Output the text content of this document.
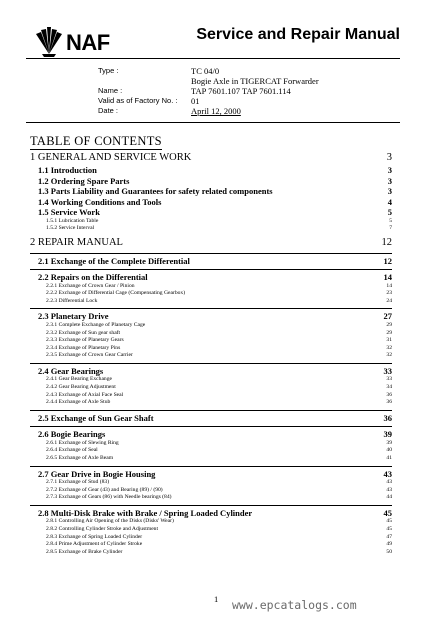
NAF	Service and Repair Manual
Type :	TC 04/0
Bogie Axle in TIGERCAT Forwarder
Name :	TAP 7601.107 TAP 7601.114
Valid as of Factory No. :	01
Date :	April 12, 2000
TABLE OF CONTENTS
1 GENERAL AND SERVICE WORK	3
1.1 Introduction	3
1.2 Ordering Spare Parts	3
1.3 Parts Liability and Guarantees for safety related components	3
1.4 Working Conditions and Tools	4
1.5 Service Work	5
1.5.1 Lubrication Table	5
1.5.2 Service Interval	7
2 REPAIR MANUAL	12
2.1 Exchange of the Complete Differential	12
2.2 Repairs on the Differential	14
2.2.1 Exchange of Crown Gear / Pinion	14
2.2.2 Exchange of Differential Cage (Compensating Gearbox)	23
2.2.3 Differential Lock	24
2.3 Planetary Drive	27
2.3.1 Complete Exchange of Planetary Cage	29
2.3.2 Exchange of Sun gear shaft	29
2.3.3 Exchange of Planetary Gears	31
2.3.4 Exchange of Planetary Pins	32
2.3.5 Exchange of Crown Gear Carrier	32
2.4 Gear Bearings	33
2.4.1 Gear Bearing Exchange	33
2.4.2 Gear Bearing Adjustment	34
2.4.3 Exchange of Axial Face Seal	36
2.4.4 Exchange of Axle Stub	36
2.5 Exchange of Sun Gear Shaft	36
2.6 Bogie Bearings	39
2.6.1 Exchange of Slewing Ring	39
2.6.4 Exchange of Seal	40
2.6.5 Exchange of Axle Beam	41
2.7 Gear Drive in Bogie Housing	43
2.7.1 Exchange of Stud (83)	43
2.7.2 Exchange of Gear (43) and Bearing (89) / (90)	43
2.7.3 Exchange of Gears (86) with Needle bearings (84)	44
2.8 Multi-Disk Brake with Brake / Spring Loaded Cylinder	45
2.8.1 Controlling Air Opening of the Disks (Disks' Wear)	45
2.8.2 Controlling Cylinder Stroke and Adjustment	45
2.8.3 Exchange of Spring Loaded Cylinder	47
2.8.4 Prime Adjustment of Cylinder Stroke	49
2.8.5 Exchange of Brake Cylinder	50
1 www.epcatalogs.com
